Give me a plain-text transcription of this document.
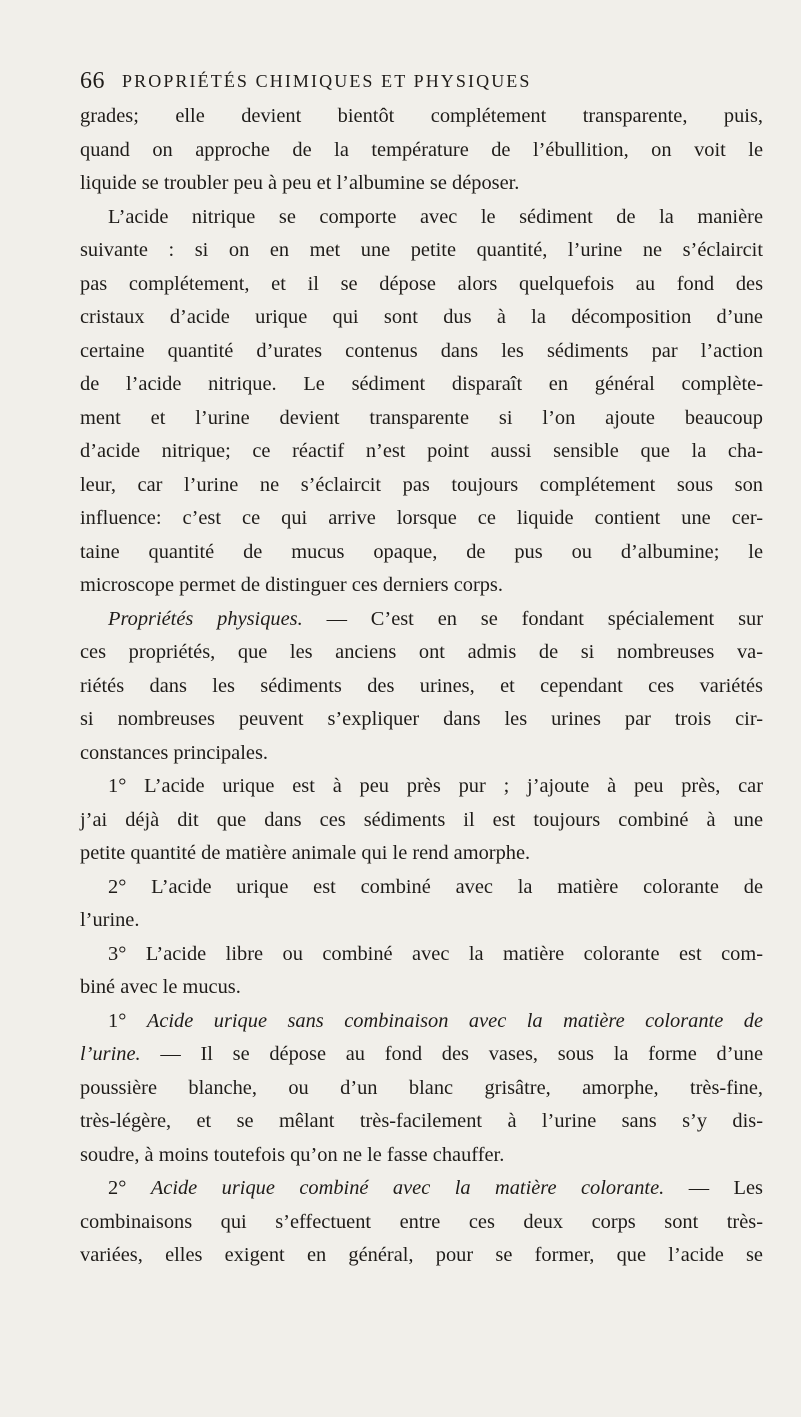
66 PROPRIÉTÉS CHIMIQUES ET PHYSIQUES
grades; elle devient bientôt complétement transparente, puis,
quand on approche de la température de l’ébullition, on voit le
liquide se troubler peu à peu et l’albumine se déposer.
L’acide nitrique se comporte avec le sédiment de la manière
suivante : si on en met une petite quantité, l’urine ne s’éclaircit
pas complétement, et il se dépose alors quelquefois au fond des
cristaux d’acide urique qui sont dus à la décomposition d’une
certaine quantité d’urates contenus dans les sédiments par l’action
de l’acide nitrique. Le sédiment disparaît en général complète-
ment et l’urine devient transparente si l’on ajoute beaucoup
d’acide nitrique; ce réactif n’est point aussi sensible que la cha-
leur, car l’urine ne s’éclaircit pas toujours complétement sous son
influence: c’est ce qui arrive lorsque ce liquide contient une cer-
taine quantité de mucus opaque, de pus ou d’albumine; le
microscope permet de distinguer ces derniers corps.
Propriétés physiques. — C’est en se fondant spécialement sur
ces propriétés, que les anciens ont admis de si nombreuses va-
riétés dans les sédiments des urines, et cependant ces variétés
si nombreuses peuvent s’expliquer dans les urines par trois cir-
constances principales.
1° L’acide urique est à peu près pur ; j’ajoute à peu près, car
j’ai déjà dit que dans ces sédiments il est toujours combiné à une
petite quantité de matière animale qui le rend amorphe.
2° L’acide urique est combiné avec la matière colorante de
l’urine.
3° L’acide libre ou combiné avec la matière colorante est com-
biné avec le mucus.
1° Acide urique sans combinaison avec la matière colorante de
l’urine. — Il se dépose au fond des vases, sous la forme d’une
poussière blanche, ou d’un blanc grisâtre, amorphe, très-fine,
très-légère, et se mêlant très-facilement à l’urine sans s’y dis-
soudre, à moins toutefois qu’on ne le fasse chauffer.
2° Acide urique combiné avec la matière colorante. — Les
combinaisons qui s’effectuent entre ces deux corps sont très-
variées, elles exigent en général, pour se former, que l’acide se
